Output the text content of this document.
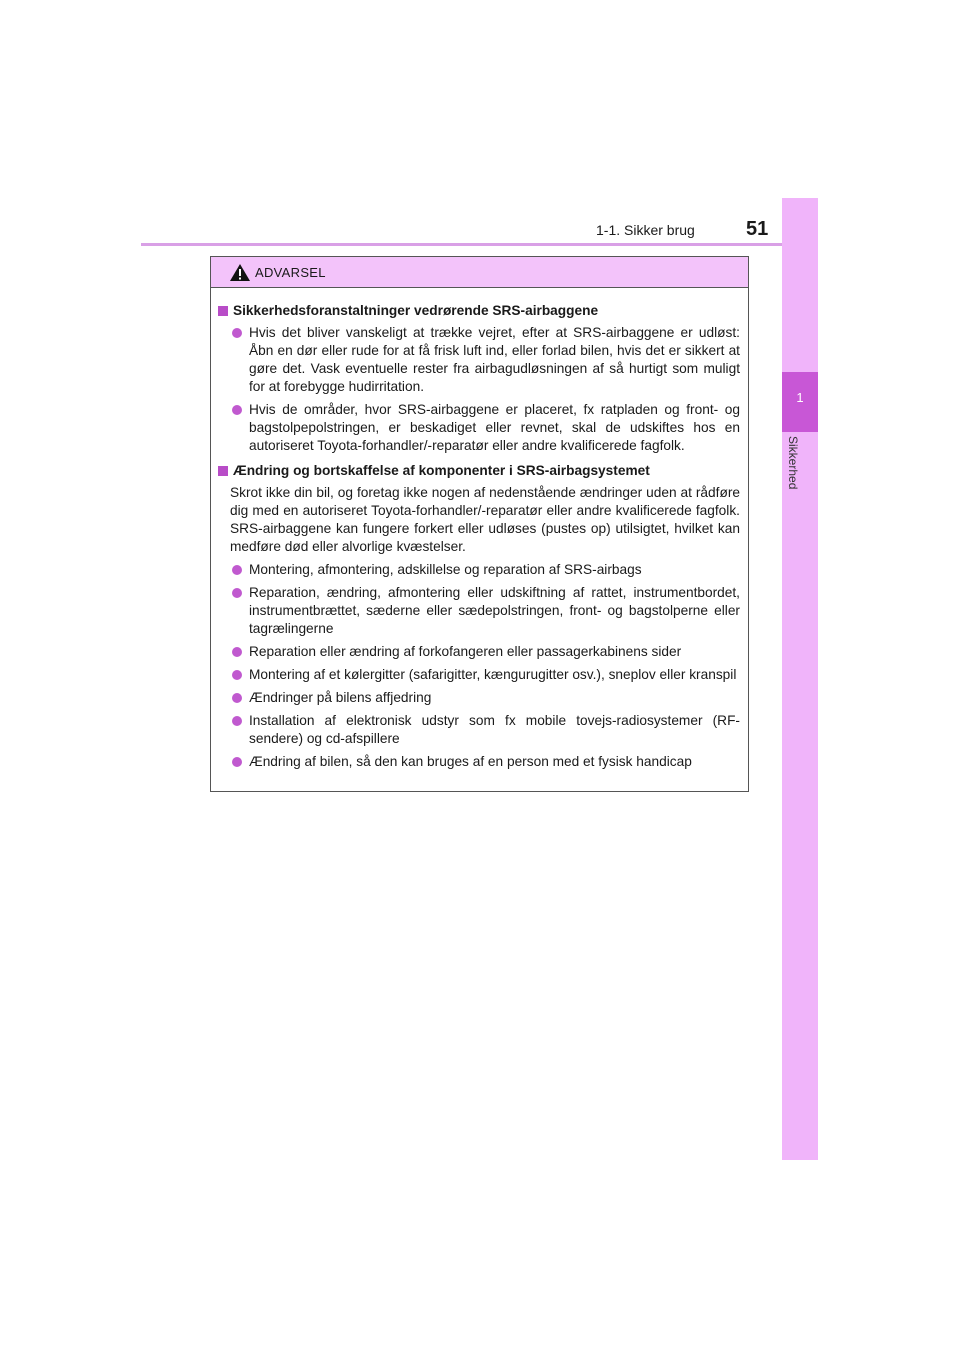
1-1. Sikker brug	51
1
Sikkerhed
ADVARSEL
Sikkerhedsforanstaltninger vedrørende SRS-airbaggene
Hvis det bliver vanskeligt at trække vejret, efter at SRS-airbaggene er udløst: Åbn en dør eller rude for at få frisk luft ind, eller forlad bilen, hvis det er sikkert at gøre det. Vask eventuelle rester fra airbagudløsningen af så hurtigt som muligt for at forebygge hudirritation.
Hvis de områder, hvor SRS-airbaggene er placeret, fx ratpladen og front- og bagstolpepolstringen, er beskadiget eller revnet, skal de udskiftes hos en autoriseret Toyota-forhandler/-reparatør eller andre kvalificerede fagfolk.
Ændring og bortskaffelse af komponenter i SRS-airbagsystemet
Skrot ikke din bil, og foretag ikke nogen af nedenstående ændringer uden at rådføre dig med en autoriseret Toyota-forhandler/-reparatør eller andre kvalificerede fagfolk. SRS-airbaggene kan fungere forkert eller udløses (pustes op) utilsigtet, hvilket kan medføre død eller alvorlige kvæstelser.
Montering, afmontering, adskillelse og reparation af SRS-airbags
Reparation, ændring, afmontering eller udskiftning af rattet, instrumentbordet, instrumentbrættet, sæderne eller sædepolstringen, front- og bagstolperne eller tagrælingerne
Reparation eller ændring af forkofangeren eller passagerkabinens sider
Montering af et kølergitter (safarigitter, kængurugitter osv.), sneplov eller kranspil
Ændringer på bilens affjedring
Installation af elektronisk udstyr som fx mobile tovejs-radiosystemer (RF-sendere) og cd-afspillere
Ændring af bilen, så den kan bruges af en person med et fysisk handicap
